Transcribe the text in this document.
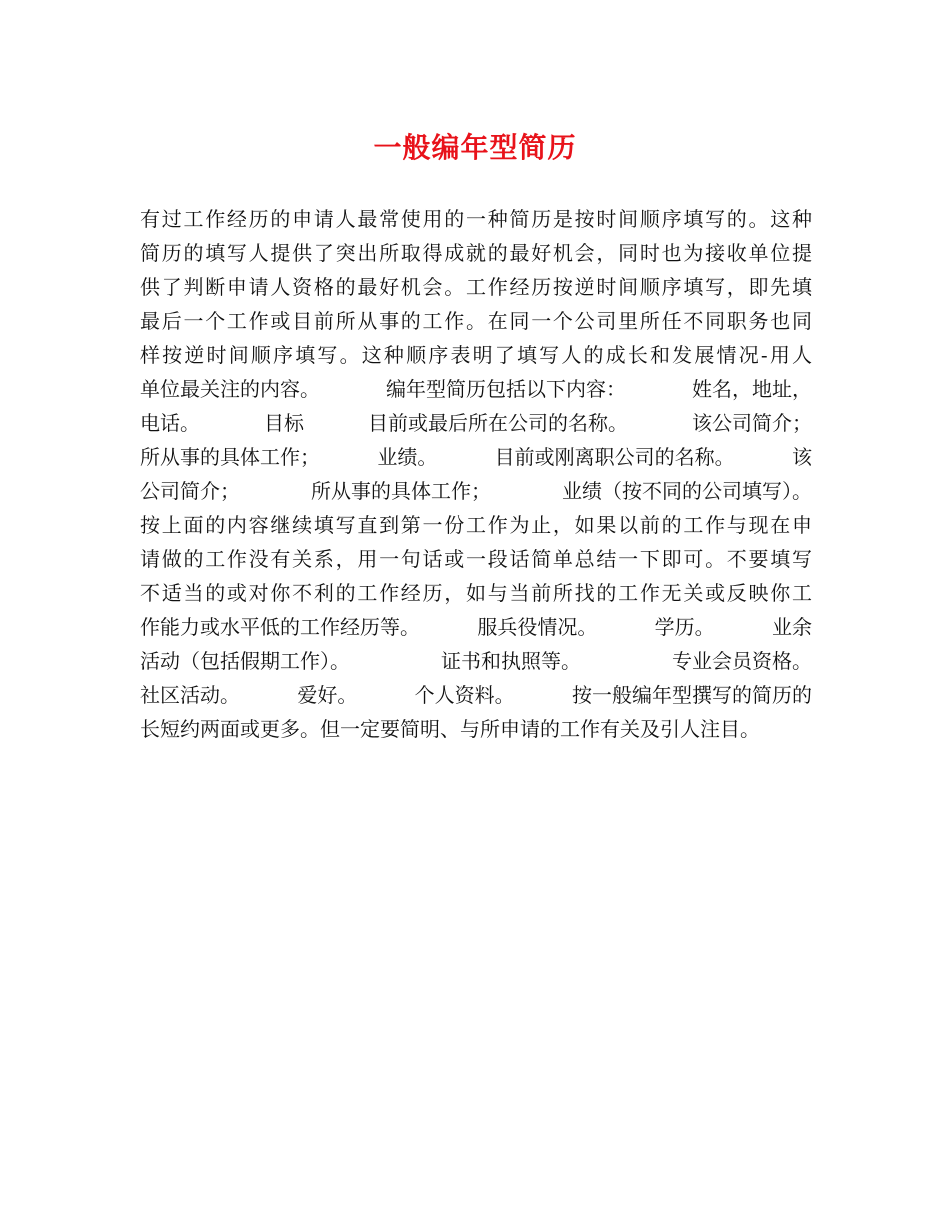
一般编年型简历
有过工作经历的申请人最常使用的一种简历是按时间顺序填写的。这种
简历的填写人提供了突出所取得成就的最好机会，同时也为接收单位提
供了判断申请人资格的最好机会。工作经历按逆时间顺序填写，即先填
最后一个工作或目前所从事的工作。在同一个公司里所任不同职务也同
样按逆时间顺序填写。这种顺序表明了填写人的成长和发展情况-用人
单位最关注的内容。	编年型简历包括以下内容：	姓名，地址，
电话。	目标	目前或最后所在公司的名称。	该公司简介；
所从事的具体工作；	业绩。	目前或刚离职公司的名称。	该
公司简介；	所从事的具体工作；	业绩（按不同的公司填写）。
按上面的内容继续填写直到第一份工作为止，如果以前的工作与现在申
请做的工作没有关系，用一句话或一段话简单总结一下即可。不要填写
不适当的或对你不利的工作经历，如与当前所找的工作无关或反映你工
作能力或水平低的工作经历等。	服兵役情况。	学历。	业余
活动（包括假期工作）。	证书和执照等。	专业会员资格。
社区活动。	爱好。	个人资料。	按一般编年型撰写的简历的
长短约两面或更多。但一定要简明、与所申请的工作有关及引人注目。
